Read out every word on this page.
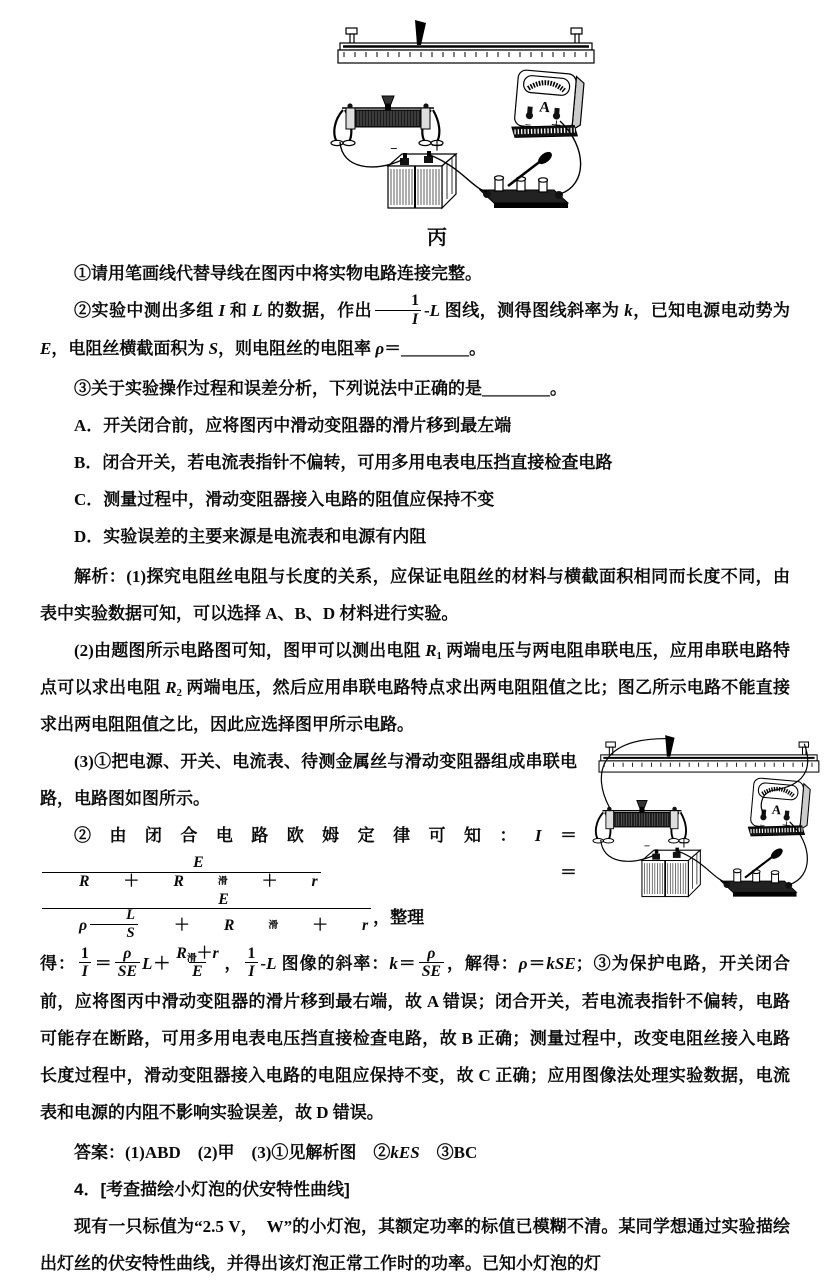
丙

①请用笔画线代替导线在图丙中将实物电路连接完整。

②实验中测出多组 I 和 L 的数据，作出 $\frac{1}{I} -L$ 图线，测得图线斜率为 k，已知电源电动势为 E，电阻丝横截面积为 S，则电阻丝的电阻率 ρ＝________。

③关于实验操作过程和误差分析，下列说法中正确的是________。

A．开关闭合前，应将图丙中滑动变阻器的滑片移到最左端

B．闭合开关，若电流表指针不偏转，可用多用电表电压挡直接检查电路

C．测量过程中，滑动变阻器接入电路的阻值应保持不变

D．实验误差的主要来源是电流表和电源有内阻

解析：(1)探究电阻丝电阻与长度的关系，应保证电阻丝的材料与横截面积相同而长度不同，由表中实验数据可知，可以选择 A、B、D 材料进行实验。

(2)由题图所示电路图可知，图甲可以测出电阻 $R_1$ 两端电压与两电阻串联电压，应用串联电路特点可以求出电阻 $R_2$ 两端电压，然后应用串联电路特点求出两电阻阻值之比；图乙所示电路不能直接求出两电阻阻值之比，因此应选择图甲所示电路。

(3)①把电源、开关、电流表、待测金属丝与滑动变阻器组成串联电路，电路图如图所示。

②由闭合电路欧姆定律可知：I＝
E
R	＋	R	滑	＋	r ＝
E
ρ $\frac{L}{S}$	＋	R	滑	＋	r ，整理

得： $\frac{1}{I} = \frac{\rho}{SE} L+ \frac{R_滑+r}{E}$ ， $\frac{1}{I} -L$ 图像的斜率：$k= \frac{\rho}{SE}$ ，解得：ρ＝kSE；③为保护电路，开关闭合前，应将图丙中滑动变阻器的滑片移到最右端，故 A 错误；闭合开关，若电流表指针不偏转，电路可能存在断路，可用多用电表电压挡直接检查电路，故 B 正确；测量过程中，改变电阻丝接入电路长度过程中，滑动变阻器接入电路的电阻应保持不变，故 C 正确；应用图像法处理实验数据，电流表和电源的内阻不影响实验误差，故 D 错误。

答案：(1)ABD　(2)甲　(3)①见解析图　②kES　③BC

4．[考查描绘小灯泡的伏安特性曲线]

现有一只标值为“2.5 V，　W”的小灯泡，其额定功率的标值已模糊不清。某同学想通过实验描绘出灯丝的伏安特性曲线，并得出该灯泡正常工作时的功率。已知小灯泡的灯
